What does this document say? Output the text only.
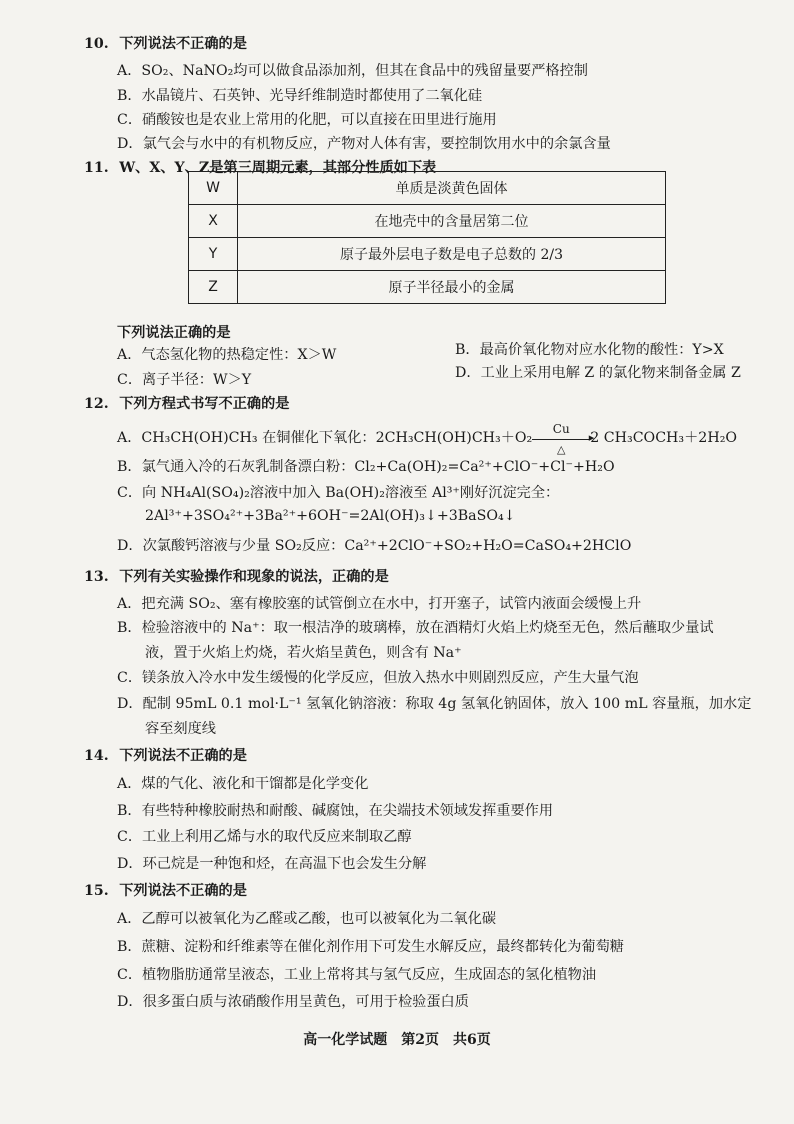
10. 下列说法不正确的是
A．SO₂、NaNO₂均可以做食品添加剂，但其在食品中的残留量要严格控制
B．水晶镜片、石英钟、光导纤维制造时都使用了二氧化硅
C．硝酸铵也是农业上常用的化肥，可以直接在田里进行施用
D．氯气会与水中的有机物反应，产物对人体有害，要控制饮用水中的余氯含量
11. W、X、Y、Z是第三周期元素，其部分性质如下表
W	单质是淡黄色固体
X	在地壳中的含量居第二位
Y	原子最外层电子数是电子总数的 2/3
Z	原子半径最小的金属
下列说法正确的是
A．气态氢化物的热稳定性：X＞W	B．最高价氧化物对应水化物的酸性：Y>X
C．离子半径：W＞Y	D．工业上采用电解 Z 的氯化物来制备金属 Z
12. 下列方程式书写不正确的是
A．CH₃CH(OH)CH₃ 在铜催化下氧化：2CH₃CH(OH)CH₃＋O₂
Cu
▸
△
2 CH₃COCH₃＋2H₂O
B．氯气通入冷的石灰乳制备漂白粉：Cl₂+Ca(OH)₂=Ca²⁺+ClO⁻+Cl⁻+H₂O
C．向 NH₄Al(SO₄)₂溶液中加入 Ba(OH)₂溶液至 Al³⁺刚好沉淀完全：
2Al³⁺+3SO₄²⁺+3Ba²⁺+6OH⁻=2Al(OH)₃↓+3BaSO₄↓
D．次氯酸钙溶液与少量 SO₂反应：Ca²⁺+2ClO⁻+SO₂+H₂O=CaSO₄+2HClO
13. 下列有关实验操作和现象的说法，正确的是
A．把充满 SO₂、塞有橡胶塞的试管倒立在水中，打开塞子，试管内液面会缓慢上升
B．检验溶液中的 Na⁺：取一根洁净的玻璃棒，放在酒精灯火焰上灼烧至无色，然后蘸取少量试
液，置于火焰上灼烧，若火焰呈黄色，则含有 Na⁺
C．镁条放入冷水中发生缓慢的化学反应，但放入热水中则剧烈反应，产生大量气泡
D．配制 95mL 0.1 mol·L⁻¹ 氢氧化钠溶液：称取 4g 氢氧化钠固体，放入 100 mL 容量瓶，加水定
容至刻度线
14. 下列说法不正确的是
A．煤的气化、液化和干馏都是化学变化
B．有些特种橡胶耐热和耐酸、碱腐蚀，在尖端技术领域发挥重要作用
C．工业上利用乙烯与水的取代反应来制取乙醇
D．环己烷是一种饱和烃，在高温下也会发生分解
15. 下列说法不正确的是
A．乙醇可以被氧化为乙醛或乙酸，也可以被氧化为二氧化碳
B．蔗糖、淀粉和纤维素等在催化剂作用下可发生水解反应，最终都转化为葡萄糖
C．植物脂肪通常呈液态，工业上常将其与氢气反应，生成固态的氢化植物油
D．很多蛋白质与浓硝酸作用呈黄色，可用于检验蛋白质
高一化学试题　第2页　共6页
